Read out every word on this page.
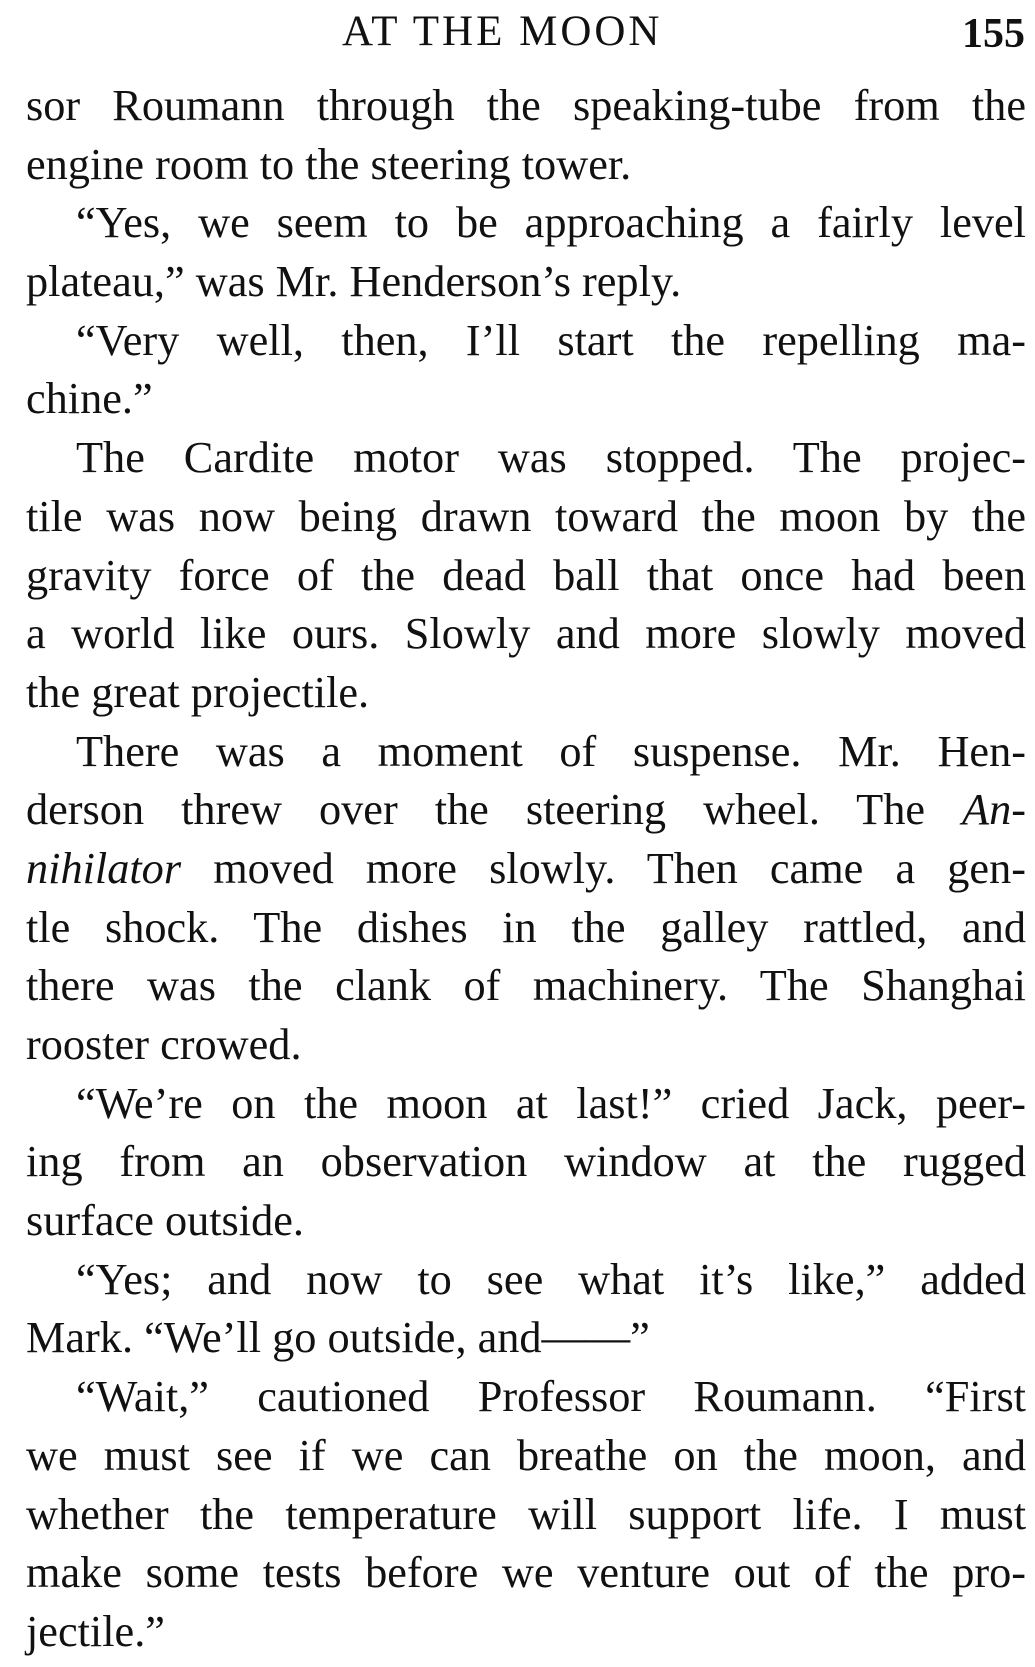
AT THE MOON	155
sor Roumann through the speaking-tube from the
engine room to the steering tower.
“Yes, we seem to be approaching a fairly level
plateau,” was Mr. Henderson’s reply.
“Very well, then, I’ll start the repelling ma-
chine.”
The Cardite motor was stopped. The projec-
tile was now being drawn toward the moon by the
gravity force of the dead ball that once had been
a world like ours. Slowly and more slowly moved
the great projectile.
There was a moment of suspense. Mr. Hen-
derson threw over the steering wheel. The An-
nihilator moved more slowly. Then came a gen-
tle shock. The dishes in the galley rattled, and
there was the clank of machinery. The Shanghai
rooster crowed.
“We’re on the moon at last!” cried Jack, peer-
ing from an observation window at the rugged
surface outside.
“Yes; and now to see what it’s like,” added
Mark. “We’ll go outside, and——”
“Wait,” cautioned Professor Roumann. “First
we must see if we can breathe on the moon, and
whether the temperature will support life. I must
make some tests before we venture out of the pro-
jectile.”
